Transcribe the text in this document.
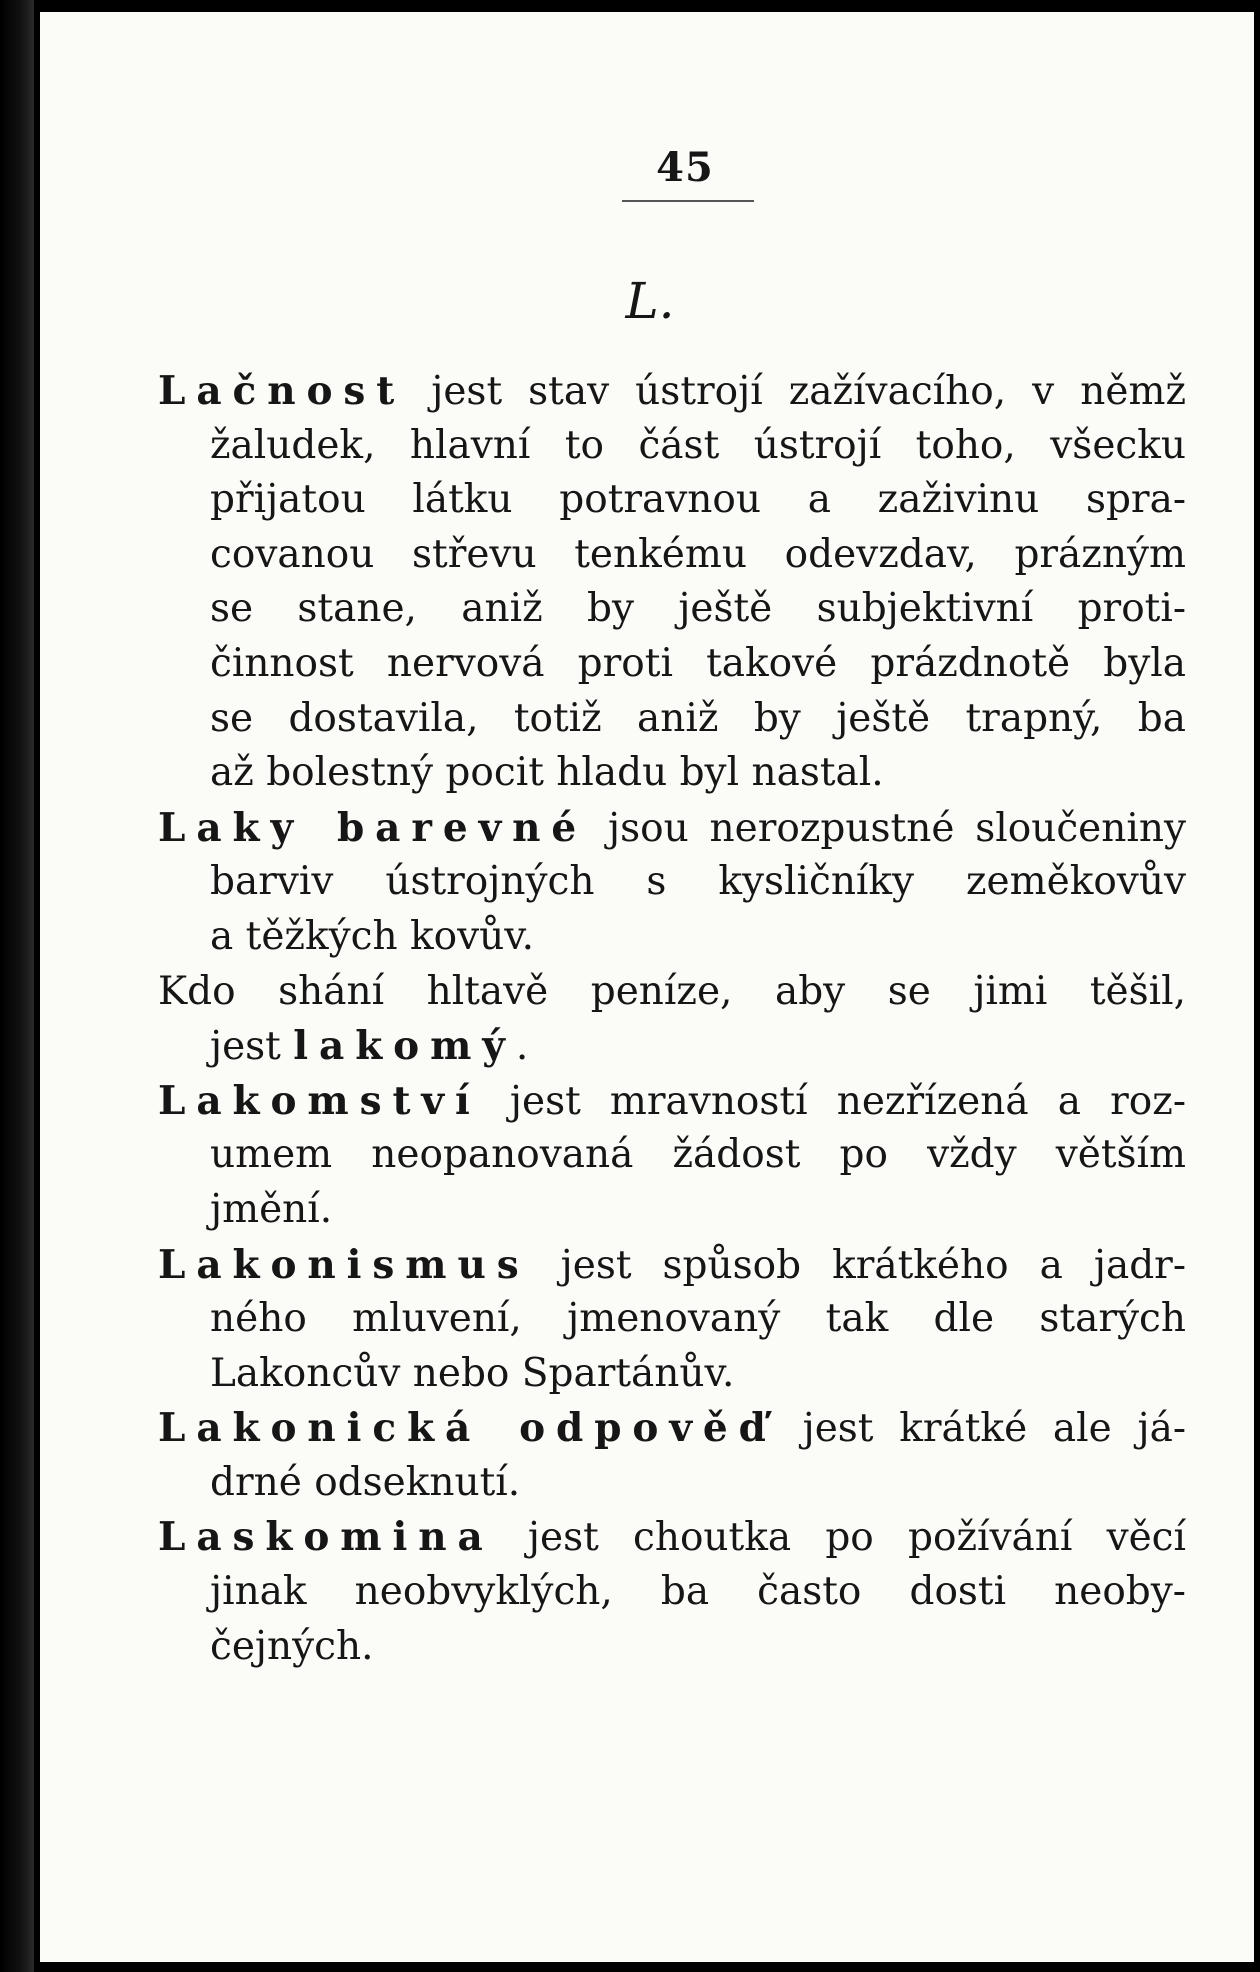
45
L.
Lačnost jest stav ústrojí zažívacího, v němž
žaludek, hlavní to část ústrojí toho, všecku
přijatou látku potravnou a zaživinu spra-
covanou střevu tenkému odevzdav, prázným
se stane, aniž by ještě subjektivní proti-
činnost nervová proti takové prázdnotě byla
se dostavila, totiž aniž by ještě trapný, ba
až bolestný pocit hladu byl nastal.
Laky barevné jsou nerozpustné sloučeniny
barviv ústrojných s kysličníky zeměkovův
a těžkých kovův.
Kdo shání hltavě peníze, aby se jimi těšil,
jest lakomý.
Lakomství jest mravností nezřízená a roz-
umem neopanovaná žádost po vždy větším
jmění.
Lakonismus jest spůsob krátkého a jadr-
ného mluvení, jmenovaný tak dle starých
Lakoncův nebo Spartánův.
Lakonická odpověď jest krátké ale já-
drné odseknutí.
Laskomina jest choutka po požívání věcí
jinak neobvyklých, ba často dosti neoby-
čejných.
